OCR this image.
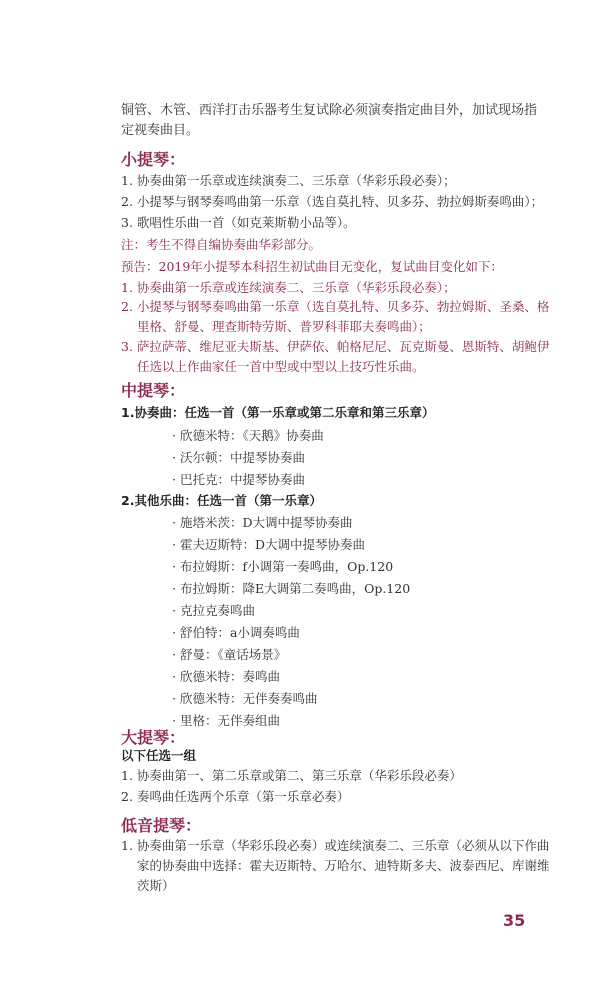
铜管、木管、西洋打击乐器考生复试除必须演奏指定曲目外，加试现场指定视奏曲目。
小提琴：
1. 协奏曲第一乐章或连续演奏二、三乐章（华彩乐段必奏）；
2. 小提琴与钢琴奏鸣曲第一乐章（选自莫扎特、贝多芬、勃拉姆斯奏鸣曲）；
3. 歌唱性乐曲一首（如克莱斯勒小品等）。
注：考生不得自编协奏曲华彩部分。
预告：2019年小提琴本科招生初试曲目无变化，复试曲目变化如下：
1. 协奏曲第一乐章或连续演奏二、三乐章（华彩乐段必奏）；
2. 小提琴与钢琴奏鸣曲第一乐章（选自莫扎特、贝多芬、勃拉姆斯、圣桑、格里格、舒曼、理查斯特劳斯、普罗科菲耶夫奏鸣曲）；
3. 萨拉萨蒂、维尼亚夫斯基、伊萨依、帕格尼尼、瓦克斯曼、恩斯特、胡鲍伊任选以上作曲家任一首中型或中型以上技巧性乐曲。
中提琴：
1.协奏曲：任选一首（第一乐章或第二乐章和第三乐章）
· 欣德米特：《天鹅》协奏曲
· 沃尔顿：中提琴协奏曲
· 巴托克：中提琴协奏曲
2.其他乐曲：任选一首（第一乐章）
· 施塔米茨：D大调中提琴协奏曲
· 霍夫迈斯特：D大调中提琴协奏曲
· 布拉姆斯：f小调第一奏鸣曲，Op.120
· 布拉姆斯：降E大调第二奏鸣曲，Op.120
· 克拉克奏鸣曲
· 舒伯特：a小调奏鸣曲
· 舒曼：《童话场景》
· 欣德米特：奏鸣曲
· 欣德米特：无伴奏奏鸣曲
· 里格：无伴奏组曲
大提琴：
以下任选一组
1. 协奏曲第一、第二乐章或第二、第三乐章（华彩乐段必奏）
2. 奏鸣曲任选两个乐章（第一乐章必奏）
低音提琴：
1. 协奏曲第一乐章（华彩乐段必奏）或连续演奏二、三乐章（必须从以下作曲家的协奏曲中选择：霍夫迈斯特、万哈尔、迪特斯多夫、波泰西尼、库谢维茨斯）
35
